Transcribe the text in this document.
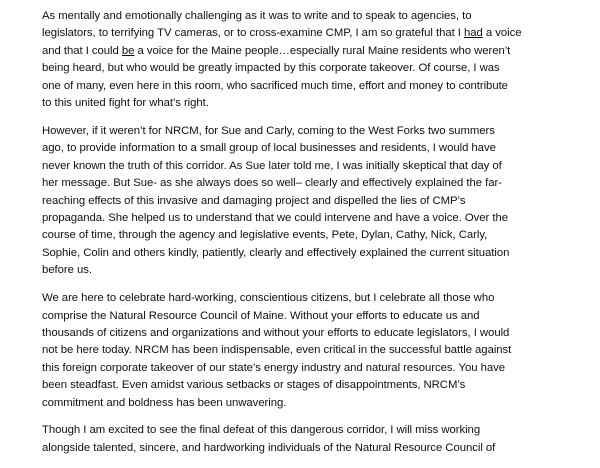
As mentally and emotionally challenging as it was to write and to speak to agencies, to
legislators, to terrifying TV cameras, or to cross-examine CMP, I am so grateful that I had a voice
and that I could be a voice for the Maine people…especially rural Maine residents who weren’t
being heard, but who would be greatly impacted by this corporate takeover. Of course, I was
one of many, even here in this room, who sacrificed much time, effort and money to contribute
to this united fight for what’s right.
However, if it weren’t for NRCM, for Sue and Carly, coming to the West Forks two summers
ago, to provide information to a small group of local businesses and residents, I would have
never known the truth of this corridor. As Sue later told me, I was initially skeptical that day of
her message. But Sue- as she always does so well– clearly and effectively explained the far-
reaching effects of this invasive and damaging project and dispelled the lies of CMP’s
propaganda. She helped us to understand that we could intervene and have a voice. Over the
course of time, through the agency and legislative events, Pete, Dylan, Cathy, Nick, Carly,
Sophie, Colin and others kindly, patiently, clearly and effectively explained the current situation
before us.
We are here to celebrate hard-working, conscientious citizens, but I celebrate all those who
comprise the Natural Resource Council of Maine. Without your efforts to educate us and
thousands of citizens and organizations and without your efforts to educate legislators, I would
not be here today. NRCM has been indispensable, even critical in the successful battle against
this foreign corporate takeover of our state’s energy industry and natural resources. You have
been steadfast. Even amidst various setbacks or stages of disappointments, NRCM’s
commitment and boldness has been unwavering.
Though I am excited to see the final defeat of this dangerous corridor, I will miss working
alongside talented, sincere, and hardworking individuals of the Natural Resource Council of
